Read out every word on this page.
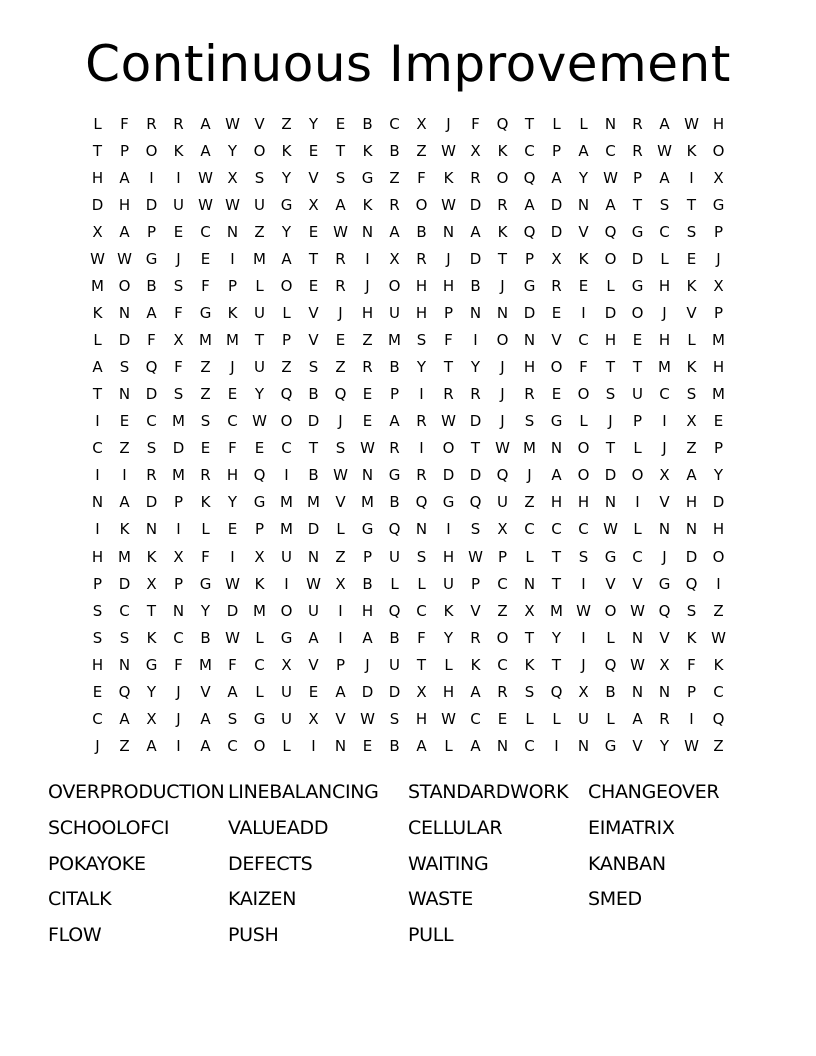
Continuous Improvement
L	F	R	R	A W V	Z	Y	E	B	C	X	J	F	Q	T	L	L	N	R	A W H
T	P	O	K	A	Y	O	K	E	T	K	B	Z W X	K	C	P	A	C	R W K	O
H	A	I	I	W X	S	Y	V	S	G	Z	F	K	R	O	Q	A	Y	W	P	A	I	X
D	H	D	U W W U	G	X	A	K	R	O W D	R	A	D	N	A	T	S	T	G
X	A	P	E	C	N	Z	Y	E W N	A	B	N	A	K	Q	D	V	Q	G	C	S	P
W W G	J	E	I	M	A	T	R	I	X	R	J	D	T	P	X	K	O	D	L	E	J
M O	B	S	F	P	L	O	E	R	J	O	H	H	B	J	G	R	E	L	G	H	K	X
K	N	A	F	G	K	U	L	V	J	H	U	H	P	N	N	D	E	I	D	O	J	V	P
L	D	F	X	M M	T	P	V	E	Z	M	S	F	I	O	N	V	C	H	E	H	L	M
A	S	Q	F	Z	J	U	Z	S	Z	R	B	Y	T	Y	J	H	O	F	T	T	M	K	H
T	N	D	S	Z	E	Y	Q	B	Q	E	P	I	R	R	J	R	E	O	S	U	C	S	M
I	E	C	M	S	C W O	D	J	E	A	R W D	J	S	G	L	J	P	I	X	E
C	Z	S	D	E	F	E	C	T	S W R	I	O	T	W M N	O	T	L	J	Z	P
I	I	R	M	R	H	Q	I	B W N	G	R	D	D	Q	J	A	O	D	O	X	A	Y
N	A	D	P	K	Y	G M M	V	M	B	Q	G	Q	U	Z	H	H	N	I	V	H	D
I	K	N	I	L	E	P	M D	L	G	Q	N	I	S	X	C	C	C W	L	N	N	H
H M	K	X	F	I	X	U	N	Z	P	U	S	H W	P	L	T	S	G	C	J	D	O
P	D	X	P	G W K	I	W X	B	L	L	U	P	C	N	T	I	V	V	G	Q	I
S	C	T	N	Y	D M O	U	I	H	Q	C	K	V	Z	X	M W O W Q	S	Z
S	S	K	C	B W	L	G	A	I	A	B	F	Y	R	O	T	Y	I	L	N	V	K W
H	N	G	F	M	F	C	X	V	P	J	U	T	L	K	C	K	T	J	Q W X	F	K
E	Q	Y	J	V	A	L	U	E	A	D	D	X	H	A	R	S	Q	X	B	N	N	P	C
C	A	X	J	A	S	G	U	X	V W S	H W C	E	L	L	U	L	A	R	I	Q
J	Z	A	I	A	C	O	L	I	N	E	B	A	L	A	N	C	I	N	G	V	Y	W Z
OVERPRODUCTION LINEBALANCING	STANDARDWORK	CHANGEOVER
SCHOOLOFCI	VALUEADD	CELLULAR	EIMATRIX
POKAYOKE	DEFECTS	WAITING	KANBAN
CITALK	KAIZEN	WASTE	SMED
FLOW	PUSH	PULL
